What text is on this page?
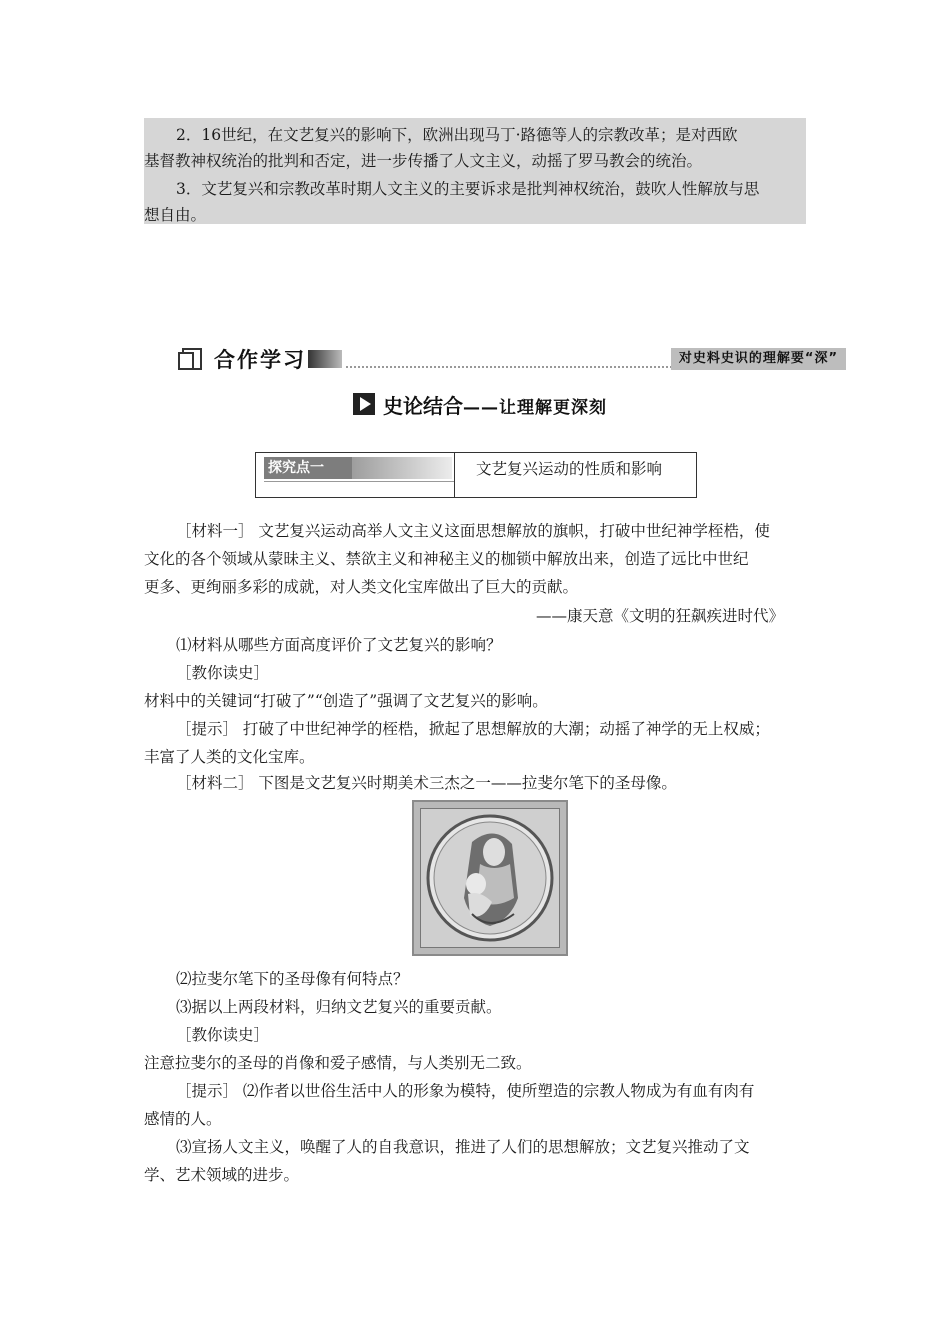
2．16世纪，在文艺复兴的影响下，欧洲出现马丁·路德等人的宗教改革；是对西欧
基督教神权统治的批判和否定，进一步传播了人文主义，动摇了罗马教会的统治。
3．文艺复兴和宗教改革时期人文主义的主要诉求是批判神权统治，鼓吹人性解放与思
想自由。
合作学习	对史料史识的理解要“深”
史论结合——让理解更深刻
探究点一	文艺复兴运动的性质和影响
［材料一］ 文艺复兴运动高举人文主义这面思想解放的旗帜，打破中世纪神学桎梏，使
文化的各个领域从蒙昧主义、禁欲主义和神秘主义的枷锁中解放出来，创造了远比中世纪
更多、更绚丽多彩的成就，对人类文化宝库做出了巨大的贡献。
——康天意《文明的狂飙疾进时代》
⑴材料从哪些方面高度评价了文艺复兴的影响？
［教你读史］
材料中的关键词“打破了”“创造了”强调了文艺复兴的影响。
［提示］ 打破了中世纪神学的桎梏，掀起了思想解放的大潮；动摇了神学的无上权威；
丰富了人类的文化宝库。
［材料二］ 下图是文艺复兴时期美术三杰之一——拉斐尔笔下的圣母像。
⑵拉斐尔笔下的圣母像有何特点？
⑶据以上两段材料，归纳文艺复兴的重要贡献。
［教你读史］
注意拉斐尔的圣母的肖像和爱子感情，与人类别无二致。
［提示］ ⑵作者以世俗生活中人的形象为模特，使所塑造的宗教人物成为有血有肉有
感情的人。
⑶宣扬人文主义，唤醒了人的自我意识，推进了人们的思想解放；文艺复兴推动了文
学、艺术领域的进步。
